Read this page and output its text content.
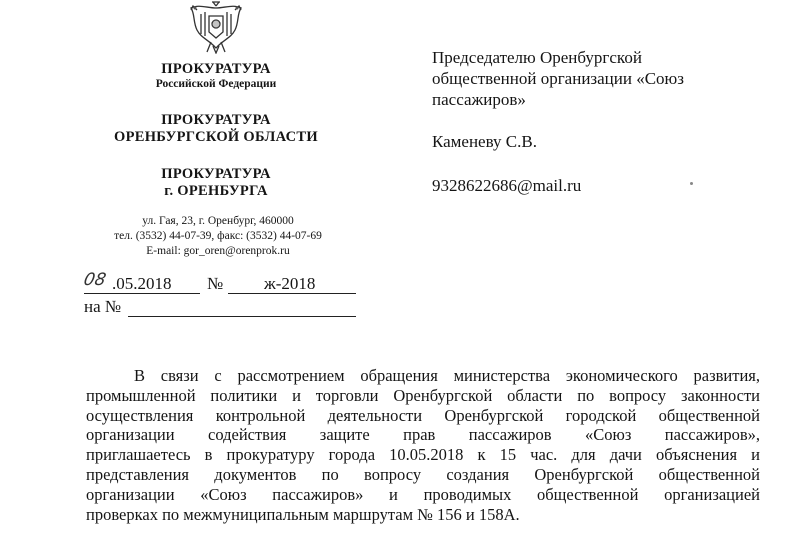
ПРОКУРАТУРА
Российской Федерации
ПРОКУРАТУРА
ОРЕНБУРГСКОЙ ОБЛАСТИ
ПРОКУРАТУРА
г. ОРЕНБУРГА
ул. Гая, 23, г. Оренбург, 460000
тел. (3532) 44-07-39, факс: (3532) 44-07-69
E-mail: gor_oren@orenprok.ru
08 .05.2018 № ж-2018
на №
Председателю Оренбургской
общественной организации «Союз
пассажиров»
Каменеву С.В.
9328622686@mail.ru
В связи с рассмотрением обращения министерства экономического развития,
промышленной политики и торговли Оренбургской области по вопросу законности
осуществления контрольной деятельности Оренбургской городской общественной
организации содействия защите прав пассажиров «Союз пассажиров»,
приглашаетесь в прокуратуру города 10.05.2018 к 15 час. для дачи объяснения и
представления документов по вопросу создания Оренбургской общественной
организации «Союз пассажиров» и проводимых общественной организацией
проверках по межмуниципальным маршрутам № 156 и 158А.
